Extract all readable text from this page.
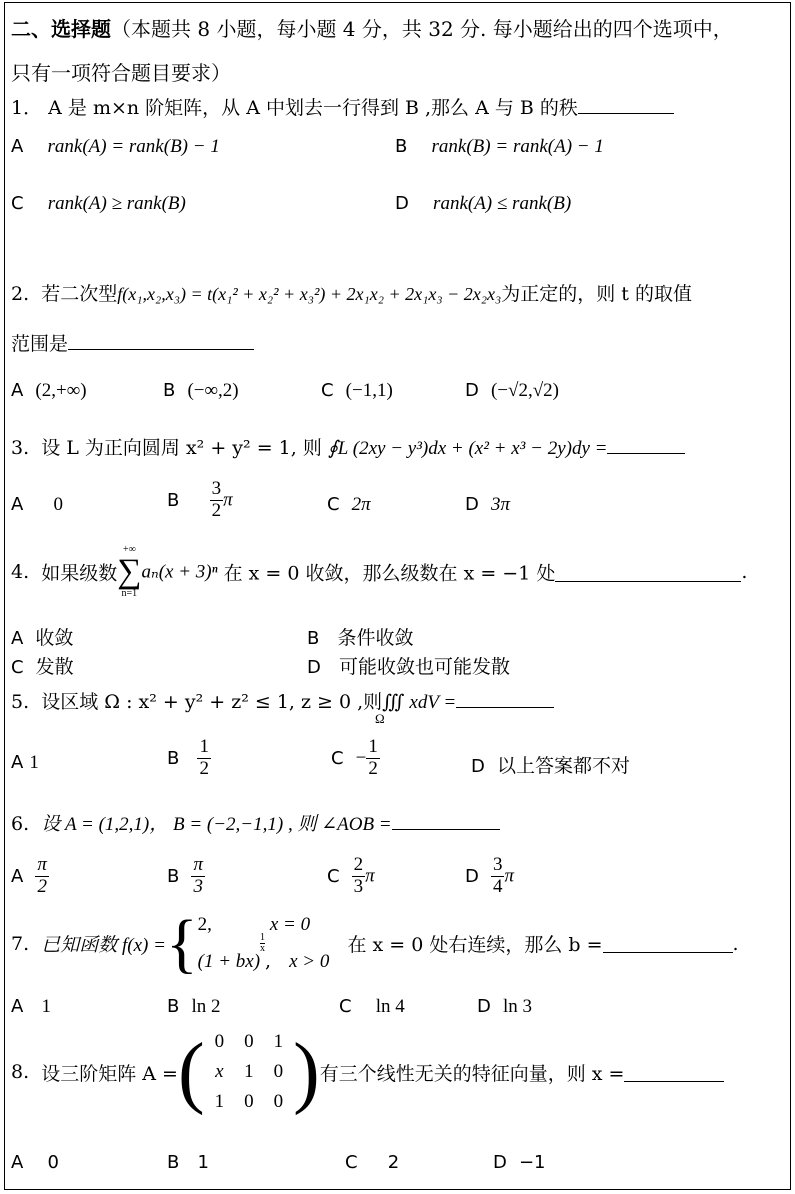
二、选择题（本题共 8 小题，每小题 4 分，共 32 分. 每小题给出的四个选项中，
只有一项符合题目要求）
1． A 是 m×n 阶矩阵，从 A 中划去一行得到 B ,那么 A 与 B 的秩
A rank(A) = rank(B) − 1	B rank(B) = rank(A) − 1
C rank(A) ≥ rank(B)	D rank(A) ≤ rank(B)
2. 若二次型f(x₁,x₂,x₃) = t(x₁² + x₂² + x₃²) + 2x₁x₂ + 2x₁x₃ − 2x₂x₃为正定的，则 t 的取值
范围是
A (2,+∞)	B (−∞,2)	C (−1,1)	D (−√2,√2)
3. 设 L 为正向圆周 x² + y² = 1, 则 ∮L (2xy − y³)dx + (x² + x³ − 2y)dy =
A 0	B $\frac{3}{2}$ π	C 2π	D 3π
4. 如果级数
+∞
∑
n=1
aₙ(x + 3)ⁿ 在 x = 0 收敛，那么级数在 x = −1 处	.
A 收敛	B 条件收敛
C 发散	D 可能收敛也可能发散
5. 设区域 Ω : x² + y² + z² ≤ 1, z ≥ 0 ,则∭ xdV =
Ω
A 1	B $\frac{1}{2}$	$C - \frac{1}{2}$	D 以上答案都不对
6. 设 A = (1,2,1)， B = (−2,−1,1) , 则 ∠AOB =
A $\frac{\pi}{2}$	B $\frac{\pi}{3}$	C $\frac{2}{3}$ π	D $\frac{3}{4}$ π
7.
已知函数 f(x) = { 2,	x = 0
(1 + bx)
$\frac{1}{x}$
, x > 0

在 x = 0 处右连续，那么 b =	.
A 1	B ln 2	C ln 4	D ln 3
8.
设三阶矩阵 A = ( 0	0	1
x	1	0
1	0	0 ) 有三个线性无关的特征向量，则 x =
A 0	B 1	C 2	D −1
